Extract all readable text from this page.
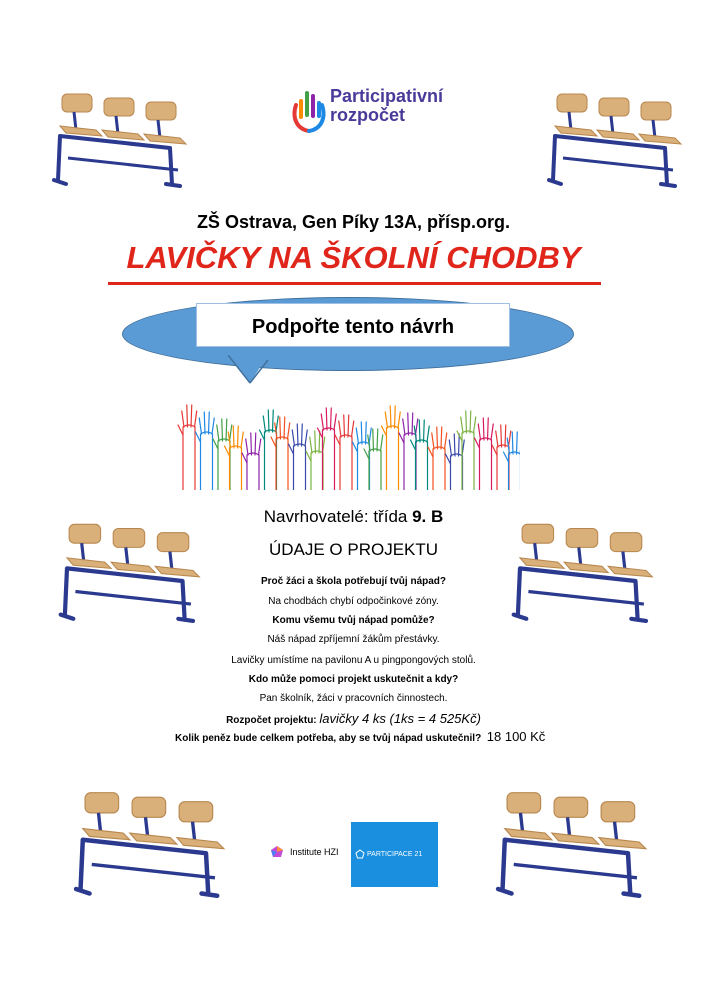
Participativní
rozpočet
ZŠ Ostrava, Gen Píky 13A, přísp.org.
LAVIČKY NA ŠKOLNÍ CHODBY
Podpořte tento návrh
Navrhovatelé: třída 9. B
ÚDAJE O PROJEKTU
Proč žáci a škola potřebují tvůj nápad?
Na chodbách chybí odpočinkové zóny.
Komu všemu tvůj nápad pomůže?
Náš nápad zpříjemní žákům přestávky.
Lavičky umístíme na pavilonu A u pingpongových stolů.
Kdo může pomoci projekt uskutečnit a kdy?
Pan školník, žáci v pracovních činnostech.
Rozpočet projektu: lavičky 4 ks (1ks = 4 525Kč)
Kolik peněz bude celkem potřeba, aby se tvůj nápad uskutečnil? 18 100 Kč
Institute HZI	PARTICIPACE 21
